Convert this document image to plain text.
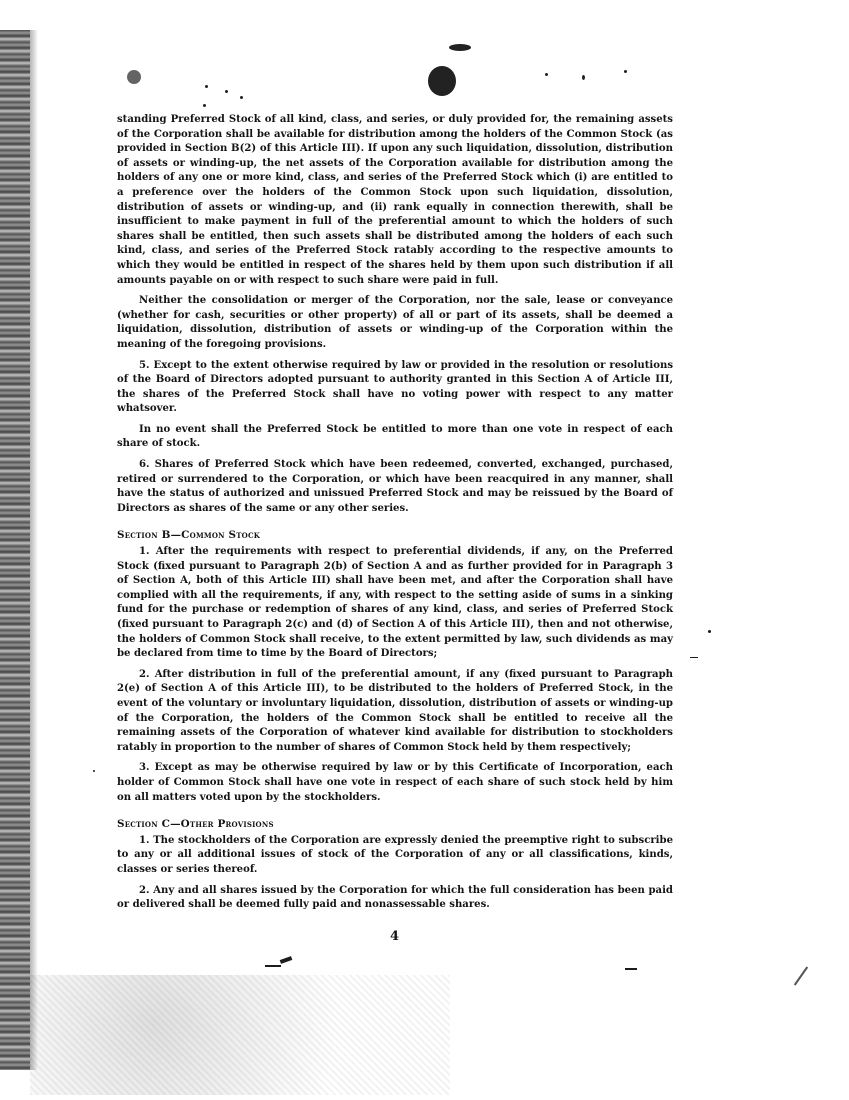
standing Preferred Stock of all kind, class, and series, or duly provided for, the remaining assets of the Corporation shall be available for distribution among the holders of the Common Stock (as provided in Section B(2) of this Article III). If upon any such liquidation, dissolution, distribution of assets or winding-up, the net assets of the Corporation available for distribution among the holders of any one or more kind, class, and series of the Preferred Stock which (i) are entitled to a preference over the holders of the Common Stock upon such liquidation, dissolution, distribution of assets or winding-up, and (ii) rank equally in connection therewith, shall be insufficient to make payment in full of the preferential amount to which the holders of such shares shall be entitled, then such assets shall be distributed among the holders of each such kind, class, and series of the Preferred Stock ratably according to the respective amounts to which they would be entitled in respect of the shares held by them upon such distribution if all amounts payable on or with respect to such share were paid in full.

Neither the consolidation or merger of the Corporation, nor the sale, lease or conveyance (whether for cash, securities or other property) of all or part of its assets, shall be deemed a liquidation, dissolution, distribution of assets or winding-up of the Corporation within the meaning of the foregoing provisions.

5. Except to the extent otherwise required by law or provided in the resolution or resolutions of the Board of Directors adopted pursuant to authority granted in this Section A of Article III, the shares of the Preferred Stock shall have no voting power with respect to any matter whatsover.

In no event shall the Preferred Stock be entitled to more than one vote in respect of each share of stock.

6. Shares of Preferred Stock which have been redeemed, converted, exchanged, purchased, retired or surrendered to the Corporation, or which have been reacquired in any manner, shall have the status of authorized and unissued Preferred Stock and may be reissued by the Board of Directors as shares of the same or any other series.

Section B—Common Stock

1. After the requirements with respect to preferential dividends, if any, on the Preferred Stock (fixed pursuant to Paragraph 2(b) of Section A and as further provided for in Paragraph 3 of Section A, both of this Article III) shall have been met, and after the Corporation shall have complied with all the requirements, if any, with respect to the setting aside of sums in a sinking fund for the purchase or redemption of shares of any kind, class, and series of Preferred Stock (fixed pursuant to Paragraph 2(c) and (d) of Section A of this Article III), then and not otherwise, the holders of Common Stock shall receive, to the extent permitted by law, such dividends as may be declared from time to time by the Board of Directors;

2. After distribution in full of the preferential amount, if any (fixed pursuant to Paragraph 2(e) of Section A of this Article III), to be distributed to the holders of Preferred Stock, in the event of the voluntary or involuntary liquidation, dissolution, distribution of assets or winding-up of the Corporation, the holders of the Common Stock shall be entitled to receive all the remaining assets of the Corporation of whatever kind available for distribution to stockholders ratably in proportion to the number of shares of Common Stock held by them respectively;

3. Except as may be otherwise required by law or by this Certificate of Incorporation, each holder of Common Stock shall have one vote in respect of each share of such stock held by him on all matters voted upon by the stockholders.

Section C—Other Provisions

1. The stockholders of the Corporation are expressly denied the preemptive right to subscribe to any or all additional issues of stock of the Corporation of any or all classifications, kinds, classes or series thereof.

2. Any and all shares issued by the Corporation for which the full consideration has been paid or delivered shall be deemed fully paid and nonassessable shares.

4
